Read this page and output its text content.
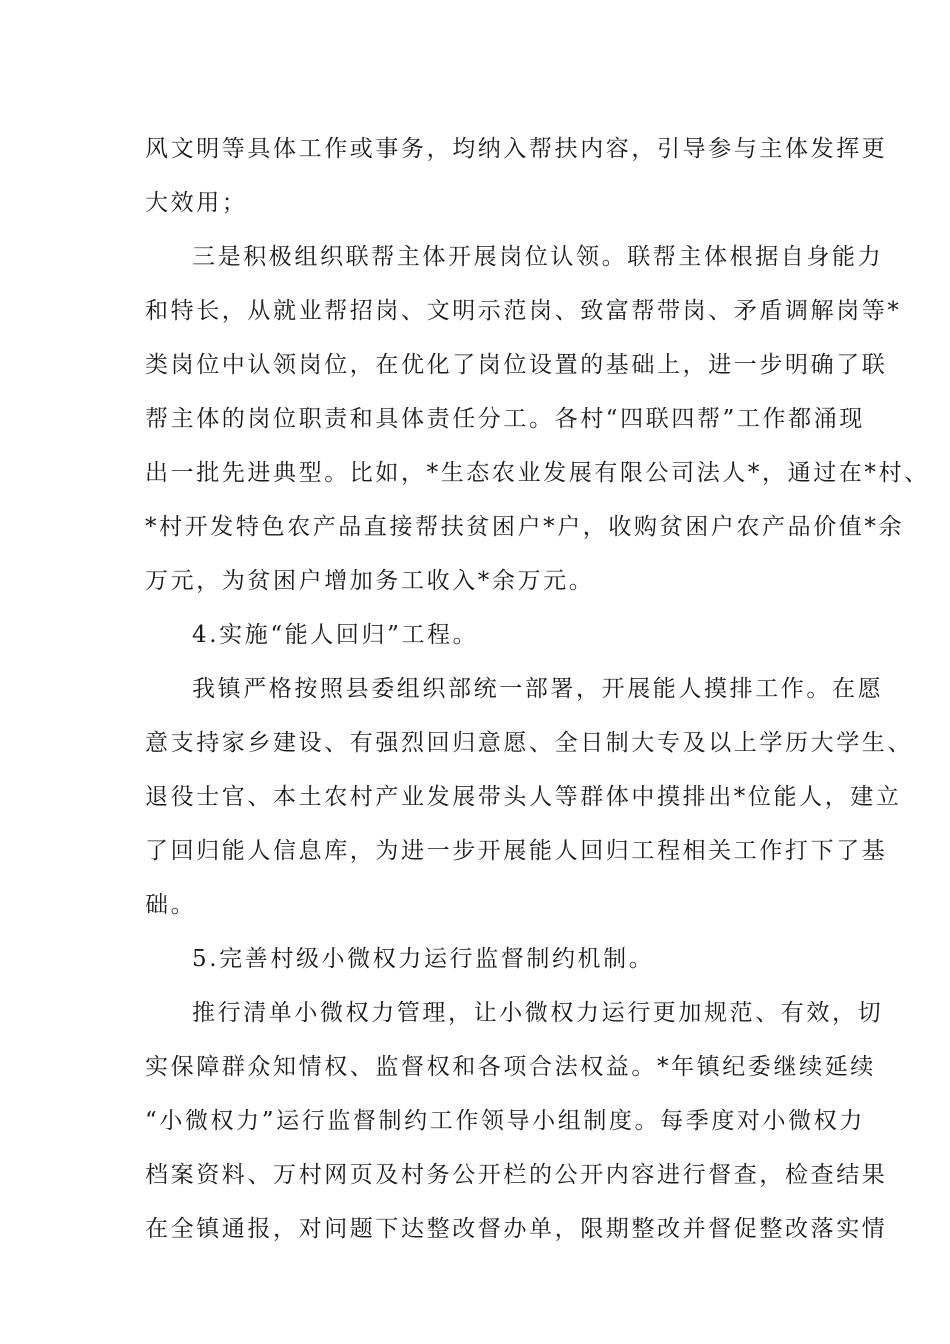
风文明等具体工作或事务，均纳入帮扶内容，引导参与主体发挥更
大效用；
三是积极组织联帮主体开展岗位认领。联帮主体根据自身能力
和特长，从就业帮招岗、文明示范岗、致富帮带岗、矛盾调解岗等*
类岗位中认领岗位，在优化了岗位设置的基础上，进一步明确了联
帮主体的岗位职责和具体责任分工。各村“四联四帮”工作都涌现
出一批先进典型。比如，*生态农业发展有限公司法人*，通过在*村、
*村开发特色农产品直接帮扶贫困户*户，收购贫困户农产品价值*余
万元，为贫困户增加务工收入*余万元。
4.实施“能人回归”工程。
我镇严格按照县委组织部统一部署，开展能人摸排工作。在愿
意支持家乡建设、有强烈回归意愿、全日制大专及以上学历大学生、
退役士官、本土农村产业发展带头人等群体中摸排出*位能人，建立
了回归能人信息库，为进一步开展能人回归工程相关工作打下了基
础。
5.完善村级小微权力运行监督制约机制。
推行清单小微权力管理，让小微权力运行更加规范、有效，切
实保障群众知情权、监督权和各项合法权益。*年镇纪委继续延续
“小微权力”运行监督制约工作领导小组制度。每季度对小微权力
档案资料、万村网页及村务公开栏的公开内容进行督查，检查结果
在全镇通报，对问题下达整改督办单，限期整改并督促整改落实情
